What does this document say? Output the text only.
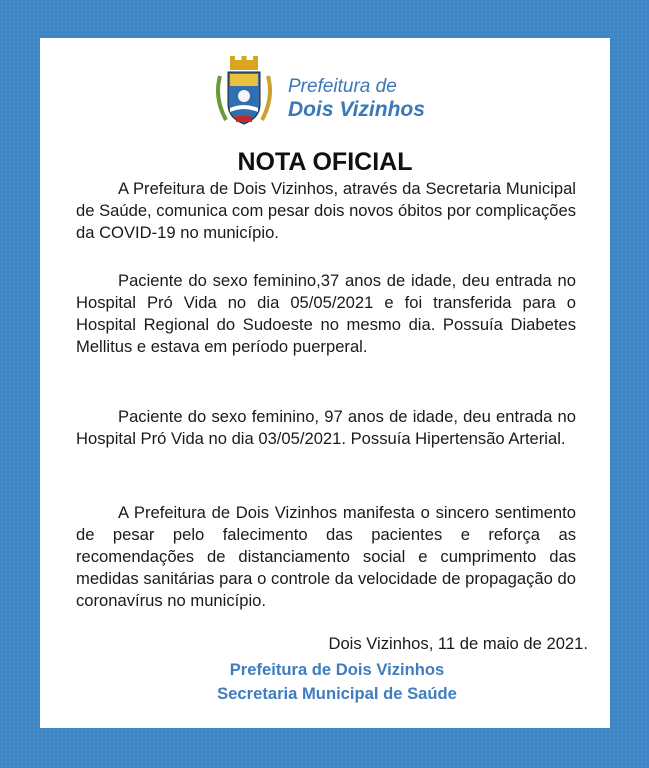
Prefeitura de
Dois Vizinhos
NOTA OFICIAL

A Prefeitura de Dois Vizinhos, através da Secretaria Municipal de Saúde, comunica com pesar dois novos óbitos por complicações da COVID-19 no município.

Paciente do sexo feminino,37 anos de idade, deu entrada no Hospital Pró Vida no dia 05/05/2021 e foi transferida para o Hospital Regional do Sudoeste no mesmo dia. Possuía Diabetes Mellitus e estava em período puerperal.

Paciente do sexo feminino, 97 anos de idade, deu entrada no Hospital Pró Vida no dia 03/05/2021. Possuía Hipertensão Arterial.

A Prefeitura de Dois Vizinhos manifesta o sincero sentimento de pesar pelo falecimento das pacientes e reforça as recomendações de distanciamento social e cumprimento das medidas sanitárias para o controle da velocidade de propagação do coronavírus no município.

Dois Vizinhos, 11 de maio de 2021.
Prefeitura de Dois Vizinhos
Secretaria Municipal de Saúde
